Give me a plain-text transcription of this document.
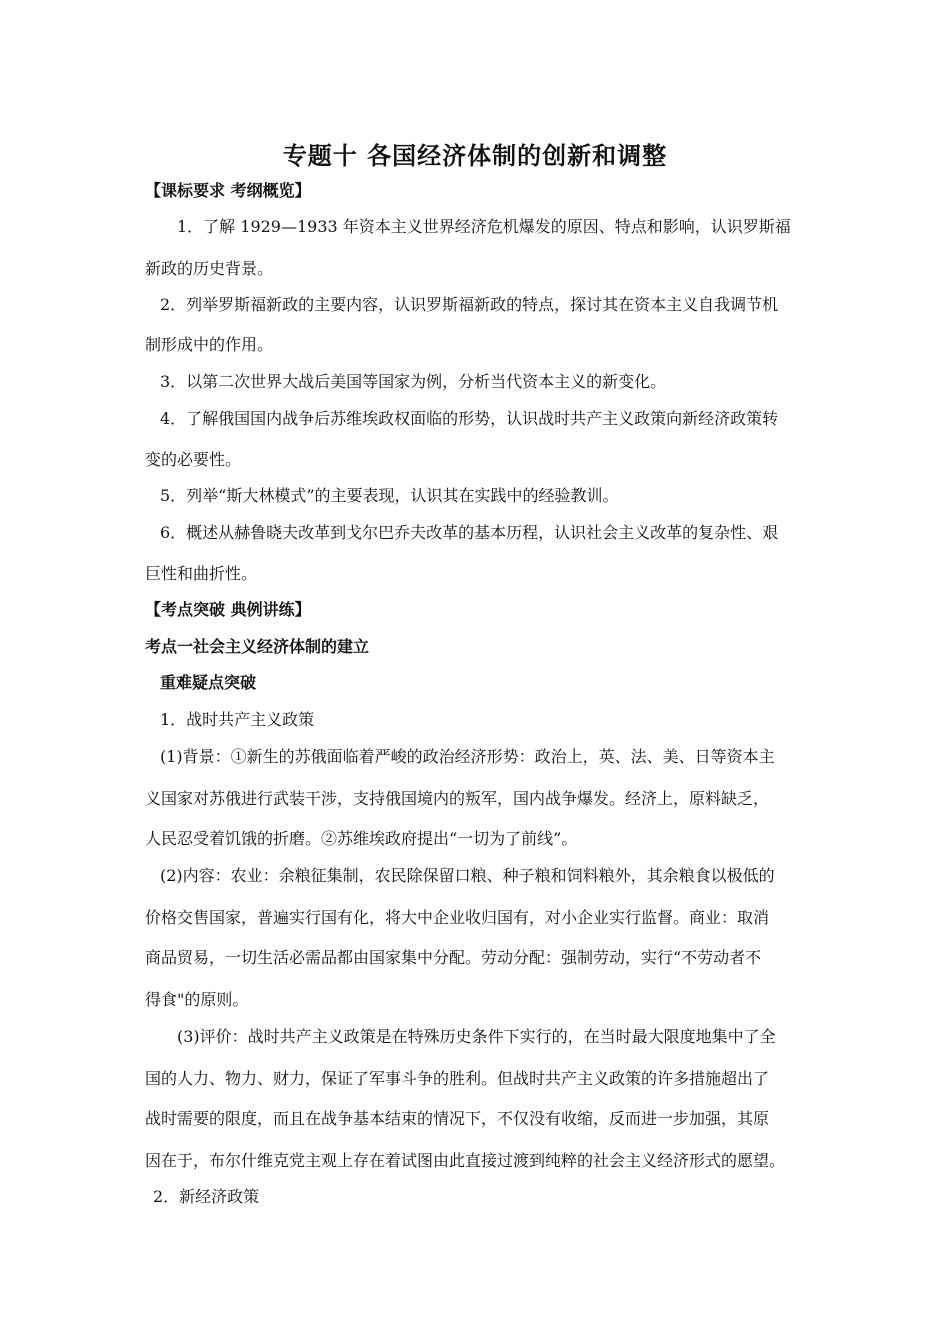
专题十 各国经济体制的创新和调整
【课标要求 考纲概览】
1．了解 1929—1933 年资本主义世界经济危机爆发的原因、特点和影响，认识罗斯福
新政的历史背景。
2．列举罗斯福新政的主要内容，认识罗斯福新政的特点，探讨其在资本主义自我调节机
制形成中的作用。
3．以第二次世界大战后美国等国家为例，分析当代资本主义的新变化。
4．了解俄国国内战争后苏维埃政权面临的形势，认识战时共产主义政策向新经济政策转
变的必要性。
5．列举“斯大林模式”的主要表现，认识其在实践中的经验教训。
6．概述从赫鲁晓夫改革到戈尔巴乔夫改革的基本历程，认识社会主义改革的复杂性、艰
巨性和曲折性。
【考点突破 典例讲练】
考点一社会主义经济体制的建立
重难疑点突破
1．战时共产主义政策
(1)背景：①新生的苏俄面临着严峻的政治经济形势：政治上，英、法、美、日等资本主
义国家对苏俄进行武装干涉，支持俄国境内的叛军，国内战争爆发。经济上，原料缺乏，
人民忍受着饥饿的折磨。②苏维埃政府提出“一切为了前线”。
(2)内容：农业：余粮征集制，农民除保留口粮、种子粮和饲料粮外，其余粮食以极低的
价格交售国家，普遍实行国有化，将大中企业收归国有，对小企业实行监督。商业：取消
商品贸易，一切生活必需品都由国家集中分配。劳动分配：强制劳动，实行“不劳动者不
得食"的原则。
(3)评价：战时共产主义政策是在特殊历史条件下实行的，在当时最大限度地集中了全
国的人力、物力、财力，保证了军事斗争的胜利。但战时共产主义政策的许多措施超出了
战时需要的限度，而且在战争基本结束的情况下，不仅没有收缩，反而进一步加强，其原
因在于，布尔什维克党主观上存在着试图由此直接过渡到纯粹的社会主义经济形式的愿望。
2．新经济政策
